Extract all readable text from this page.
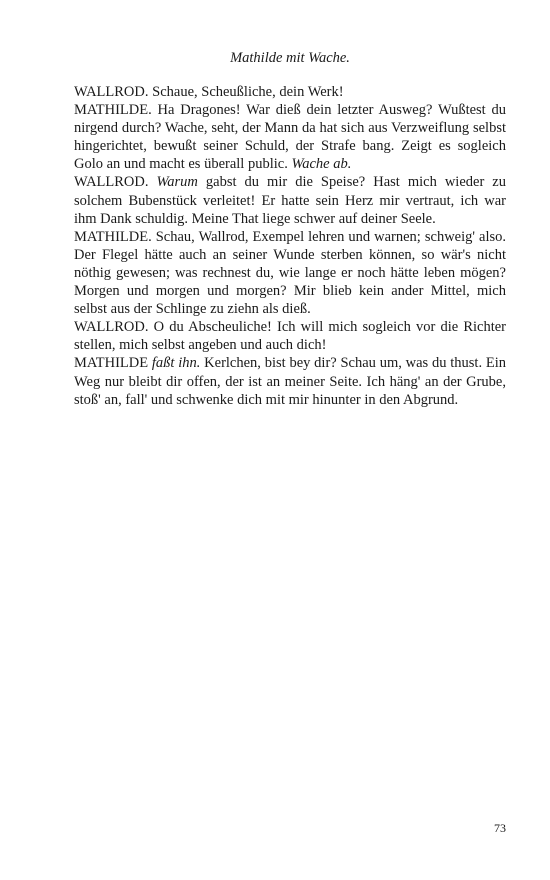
Mathilde mit Wache.

WALLROD. Schaue, Scheußliche, dein Werk!

MATHILDE. Ha Dragones! War dieß dein letzter Ausweg? Wußtest du nirgend durch? Wache, seht, der Mann da hat sich aus Verzweiflung selbst hingerichtet, bewußt seiner Schuld, der Strafe bang. Zeigt es sogleich Golo an und macht es überall public. Wache ab.

WALLROD. Warum gabst du mir die Speise? Hast mich wieder zu solchem Bubenstück verleitet! Er hatte sein Herz mir vertraut, ich war ihm Dank schuldig. Meine That liege schwer auf deiner Seele.

MATHILDE. Schau, Wallrod, Exempel lehren und warnen; schweig' also. Der Flegel hätte auch an seiner Wunde sterben können, so wär's nicht nöthig gewesen; was rechnest du, wie lange er noch hätte leben mögen? Morgen und morgen und morgen? Mir blieb kein ander Mittel, mich selbst aus der Schlinge zu ziehn als dieß.

WALLROD. O du Abscheuliche! Ich will mich sogleich vor die Richter stellen, mich selbst angeben und auch dich!

MATHILDE faßt ihn. Kerlchen, bist bey dir? Schau um, was du thust. Ein Weg nur bleibt dir offen, der ist an meiner Seite. Ich häng' an der Grube, stoß' an, fall' und schwenke dich mit mir hinunter in den Abgrund.

73
